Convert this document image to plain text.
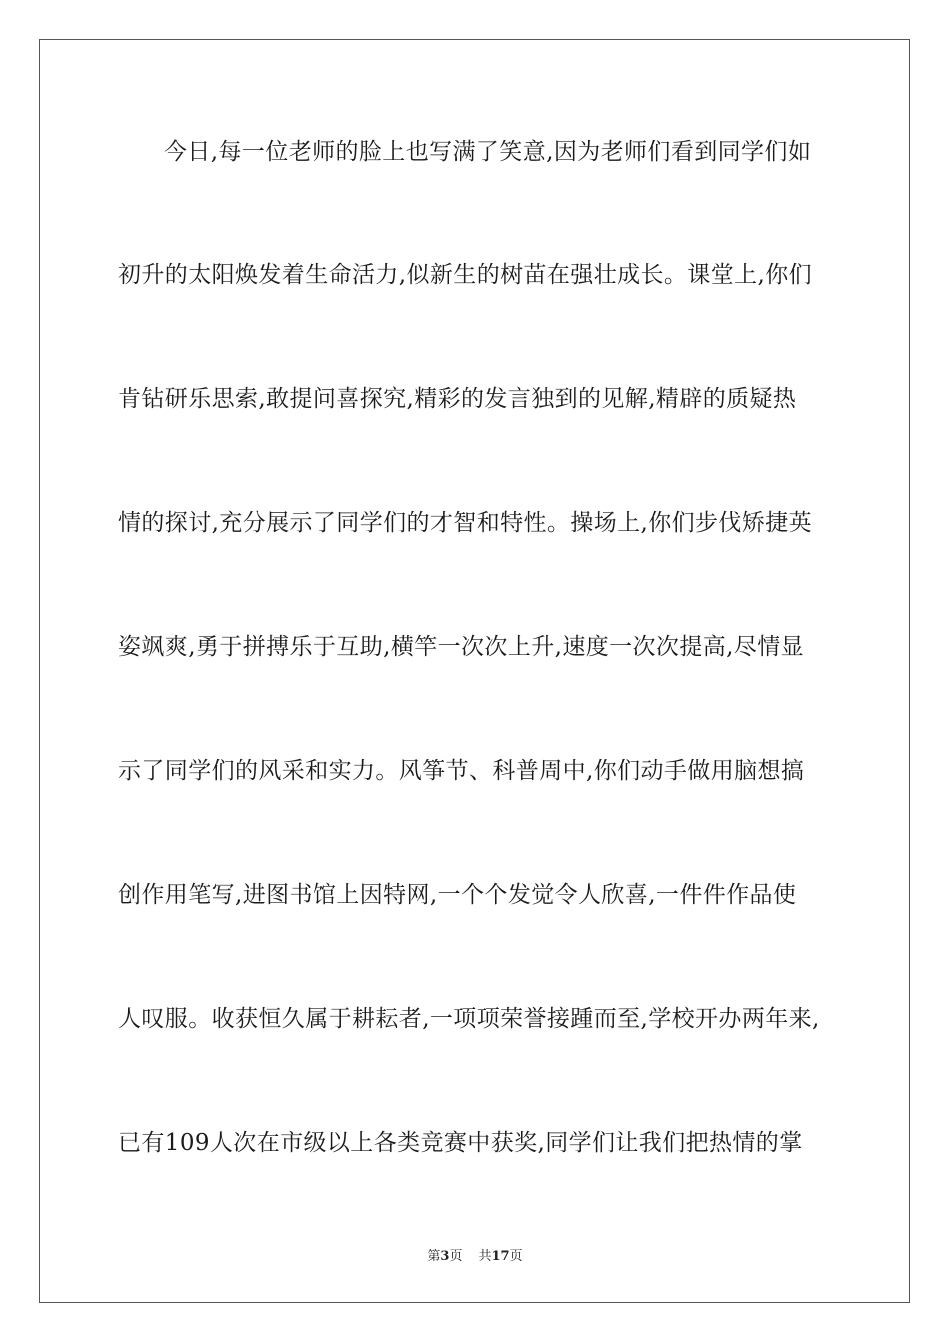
今日,每一位老师的脸上也写满了笑意,因为老师们看到同学们如
初升的太阳焕发着生命活力,似新生的树苗在强壮成长。课堂上,你们
肯钻研乐思索,敢提问喜探究,精彩的发言独到的见解,精辟的质疑热
情的探讨,充分展示了同学们的才智和特性。操场上,你们步伐矫捷英
姿飒爽,勇于拼搏乐于互助,横竿一次次上升,速度一次次提高,尽情显
示了同学们的风采和实力。风筝节、科普周中,你们动手做用脑想搞
创作用笔写,进图书馆上因特网,一个个发觉令人欣喜,一件件作品使
人叹服。收获恒久属于耕耘者,一项项荣誉接踵而至,学校开办两年来,
已有109人次在市级以上各类竞赛中获奖,同学们让我们把热情的掌
第3页 共17页
